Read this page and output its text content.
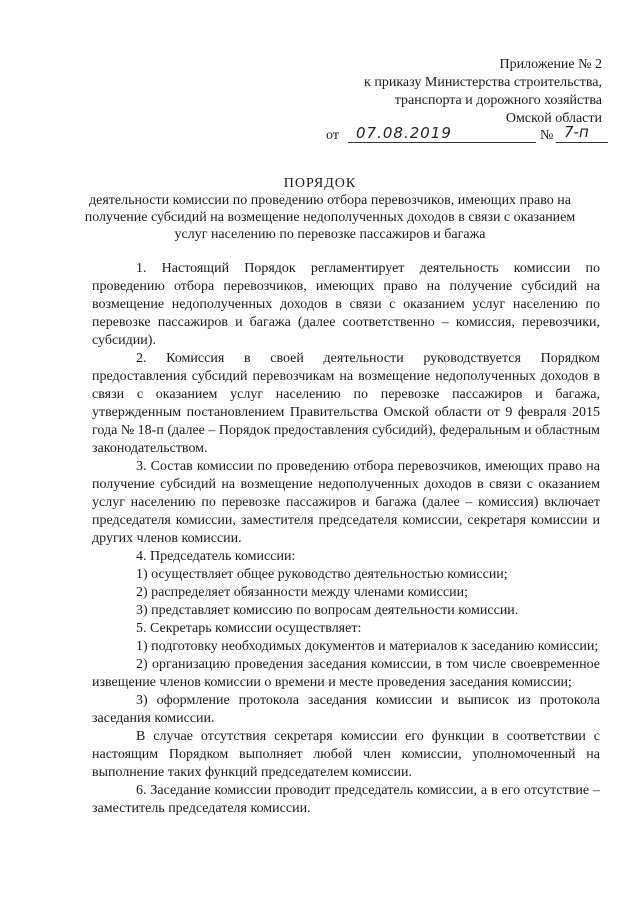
Приложение № 2
к приказу Министерства строительства,
транспорта и дорожного хозяйства
Омской области
от 07.08.2019	№ 7-п
ПОРЯДОК
деятельности комиссии по проведению отбора перевозчиков, имеющих право на получение субсидий на возмещение недополученных доходов в связи с оказанием услуг населению по перевозке пассажиров и багажа

1. Настоящий Порядок регламентирует деятельность комиссии по проведению отбора перевозчиков, имеющих право на получение субсидий на возмещение недополученных доходов в связи с оказанием услуг населению по перевозке пассажиров и багажа (далее соответственно – комиссия, перевозчики, субсидии).

2. Комиссия в своей деятельности руководствуется Порядком предоставления субсидий перевозчикам на возмещение недополученных доходов в связи с оказанием услуг населению по перевозке пассажиров и багажа, утвержденным постановлением Правительства Омской области от 9 февраля 2015 года № 18-п (далее – Порядок предоставления субсидий), федеральным и областным законодательством.

3. Состав комиссии по проведению отбора перевозчиков, имеющих право на получение субсидий на возмещение недополученных доходов в связи с оказанием услуг населению по перевозке пассажиров и багажа (далее – комиссия) включает председателя комиссии, заместителя председателя комиссии, секретаря комиссии и других членов комиссии.

4. Председатель комиссии:

1) осуществляет общее руководство деятельностью комиссии;

2) распределяет обязанности между членами комиссии;

3) представляет комиссию по вопросам деятельности комиссии.

5. Секретарь комиссии осуществляет:

1) подготовку необходимых документов и материалов к заседанию комиссии;

2) организацию проведения заседания комиссии, в том числе своевременное извещение членов комиссии о времени и месте проведения заседания комиссии;

3) оформление протокола заседания комиссии и выписок из протокола заседания комиссии.

В случае отсутствия секретаря комиссии его функции в соответствии с настоящим Порядком выполняет любой член комиссии, уполномоченный на выполнение таких функций председателем комиссии.

6. Заседание комиссии проводит председатель комиссии, а в его отсутствие – заместитель председателя комиссии.
